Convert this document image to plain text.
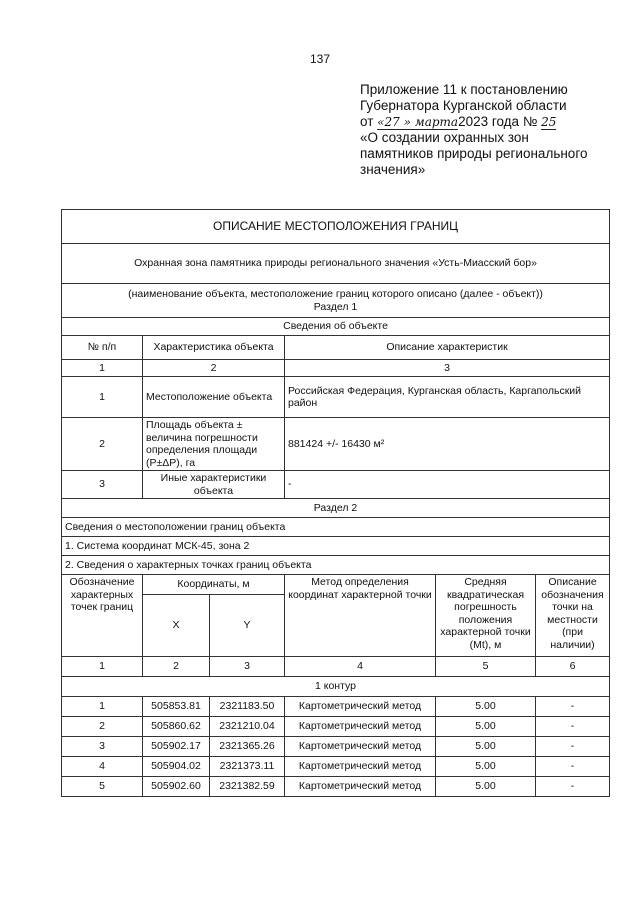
137
Приложение 11 к постановлению
Губернатора Курганской области
от «27 » марта2023 года № 25
«О создании охранных зон
памятников природы регионального
значения»
ОПИСАНИЕ МЕСТОПОЛОЖЕНИЯ ГРАНИЦ					
Охранная зона памятника природы регионального значения «Усть-Миасский бор»					

(наименование объекта, местоположение границ которого описано (далее - объект))
Раздел 1					

Сведения об объекте					
№ п/п	Характеристика объекта		Описание характеристик		
1	2		3		
1	Местоположение объекта		Российская Федерация, Курганская область, Каргапольский район		
2	Площадь объекта ± величина погрешности определения площади (Р±ΔР), га		881424 +/- 16430 м²		
3	Иные характеристики объекта		-		
Раздел 2					
Сведения о местоположении границ объекта					
1. Система координат МСК-45, зона 2					
2. Сведения о характерных точках границ объекта					
Обозначение характерных точек границ	Координаты, м		Метод определения координат характерной точки	Средняя квадратическая погрешность положения характерной точки (Mt), м	Описание обозначения точки на местности (при наличии)
	X	Y			
1	2	3	4	5	6
1 контур					
1	505853.81	2321183.50	Картометрический метод	5.00	-
2	505860.62	2321210.04	Картометрический метод	5.00	-
3	505902.17	2321365.26	Картометрический метод	5.00	-
4	505904.02	2321373.11	Картометрический метод	5.00	-
5	505902.60	2321382.59	Картометрический метод	5.00	-
